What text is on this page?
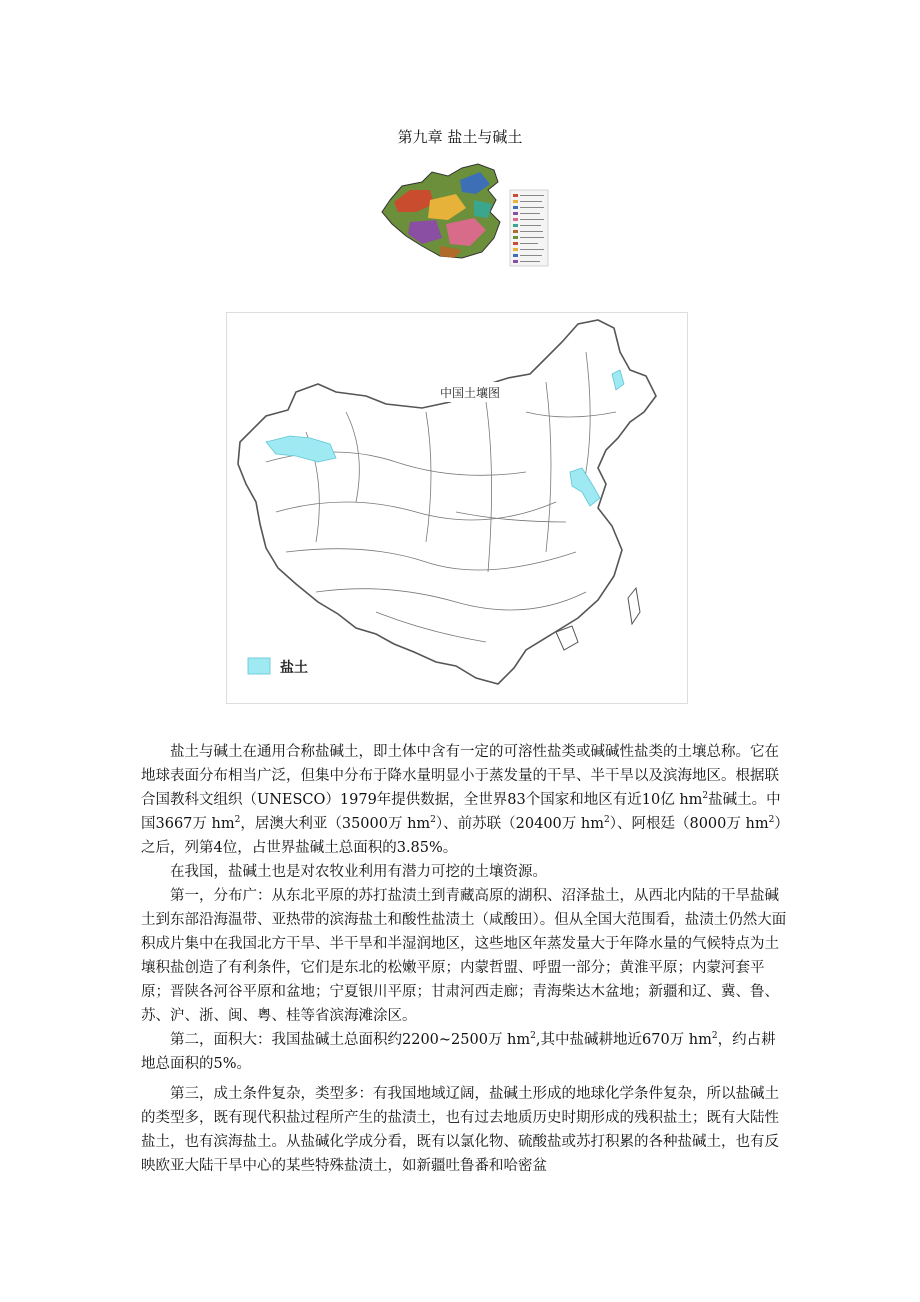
第九章 盐土与碱土
中国土壤图
盐土

盐土与碱土在通用合称盐碱土，即土体中含有一定的可溶性盐类或碱碱性盐类的土壤总称。它在地球表面分布相当广泛，但集中分布于降水量明显小于蒸发量的干旱、半干旱以及滨海地区。根据联合国教科文组织（UNESCO）1979年提供数据，全世界83个国家和地区有近10亿 $hm^2$盐碱土。中国3667万 $hm^2$，居澳大利亚（35000万 $hm^2$）、前苏联（20400万 $hm^2$）、阿根廷（8000万 $hm^2$）之后，列第4位，占世界盐碱土总面积的3.85%。

在我国，盐碱土也是对农牧业利用有潜力可挖的土壤资源。

第一，分布广：从东北平原的苏打盐渍土到青藏高原的湖积、沼泽盐土，从西北内陆的干旱盐碱土到东部沿海温带、亚热带的滨海盐土和酸性盐渍土（咸酸田）。但从全国大范围看，盐渍土仍然大面积成片集中在我国北方干旱、半干旱和半湿润地区，这些地区年蒸发量大于年降水量的气候特点为土壤积盐创造了有利条件，它们是东北的松嫩平原；内蒙哲盟、呼盟一部分；黄淮平原；内蒙河套平原；晋陕各河谷平原和盆地；宁夏银川平原；甘肃河西走廊；青海柴达木盆地；新疆和辽、冀、鲁、苏、沪、浙、闽、粤、桂等省滨海滩涂区。

第二，面积大：我国盐碱土总面积约2200~2500万 $hm^2$,其中盐碱耕地近670万 $hm^2$，约占耕地总面积的5%。

第三，成土条件复杂，类型多：有我国地域辽阔，盐碱土形成的地球化学条件复杂，所以盐碱土的类型多，既有现代积盐过程所产生的盐渍土，也有过去地质历史时期形成的残积盐土；既有大陆性盐土，也有滨海盐土。从盐碱化学成分看，既有以氯化物、硫酸盐或苏打积累的各种盐碱土，也有反映欧亚大陆干旱中心的某些特殊盐渍土，如新疆吐鲁番和哈密盆
